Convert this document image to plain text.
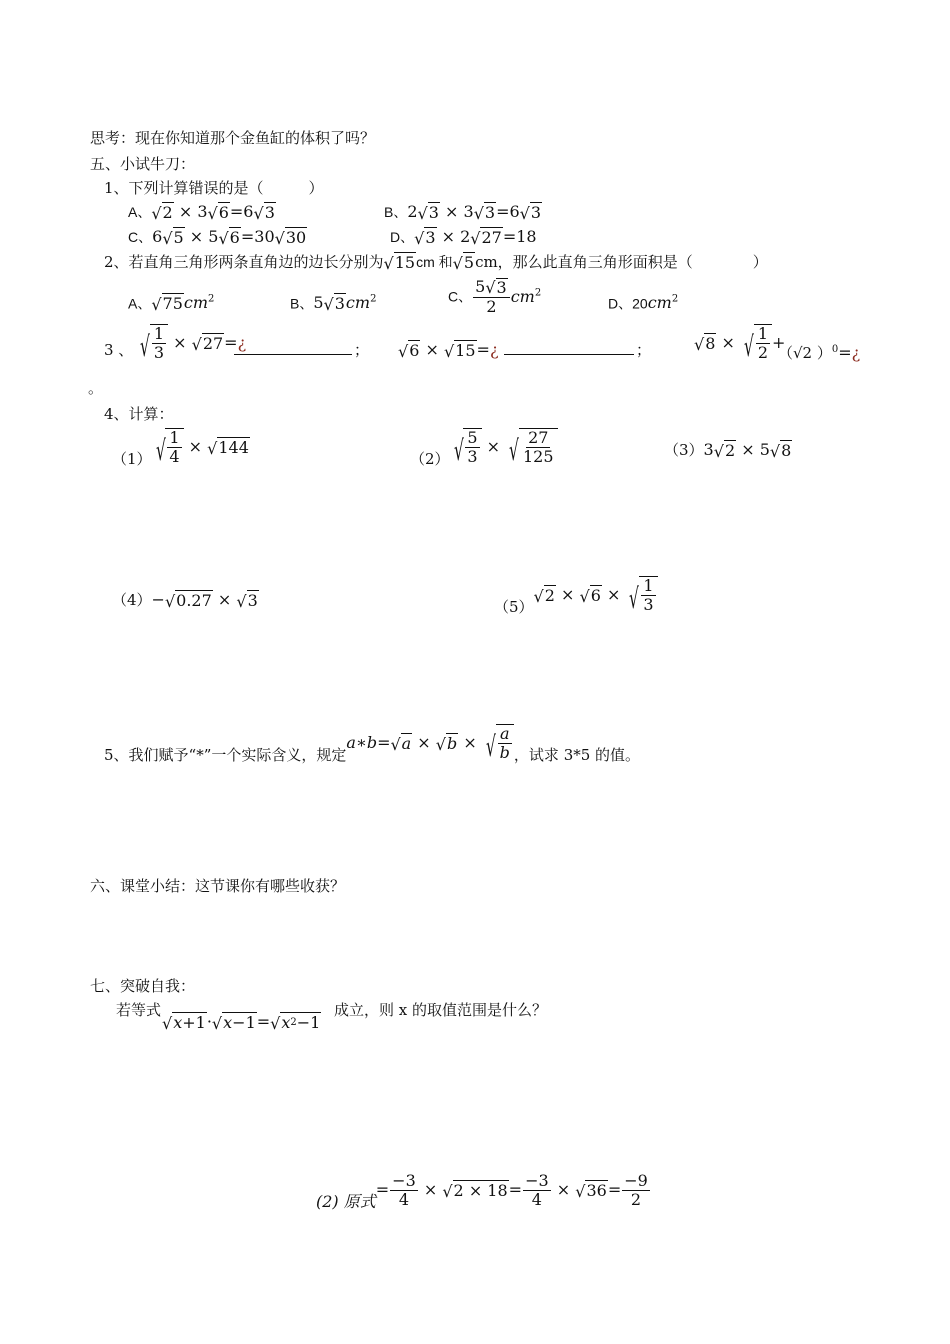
思考：现在你知道那个金鱼缸的体积了吗？
五、小试牛刀：
1、下列计算错误的是（　　　）
A、 √ 2 × 3 √ 6 =6 √ 3	B、2 √ 3 × 3 √ 3 =6 √ 3
C、6 √ 5 × 5 √ 6 =30 √ 30	D、 √ 3 × 2 √ 27 =18
2、若直角三角形两条直角边的边长分别为 √ 15 cm 和 √ 5 cm，那么此直角三角形面积是（　　　　）
A、 √ 75 $cm^2$	B、5 √ 3 $cm^2$	C、 $\frac{5 √ 3}{2} cm^2$
D、$20cm^2$
3 、 √ $\frac{1}{3}$ × √ 27 =¿	； √ 6 × √ 15 =¿	；	√ 8 × √ $\frac{1}{2}$ +
（√2 ）$^0$=¿
。
4、计算：
（1） √ $\frac{1}{4}$ × √ 144
（2） √ $\frac{5}{3}$ × √ $\frac{27}{125}$	（3）3 √ 2 × 5 √ 8
（4）− √ 0.27 × √ 3	（5）
√ 2 × √ 6 × √ $\frac{1}{3}$
5、我们赋予“*”一个实际含义，规定a∗b= √ a × √ b × √ $\frac{a}{b}$ ，试求 3*5 的值。
六、课堂小结：这节课你有哪些收获？
七、突破自我：
若等式
√ x +1 · √ x −1 = √ x 2 −1
成立，则 x 的取值范围是什么？
(2) 原式= $\frac{-3}{4}$ × √ $2 \times 18 = \frac{-3}{4}$ × √ $36 = \frac{-9}{2}$
